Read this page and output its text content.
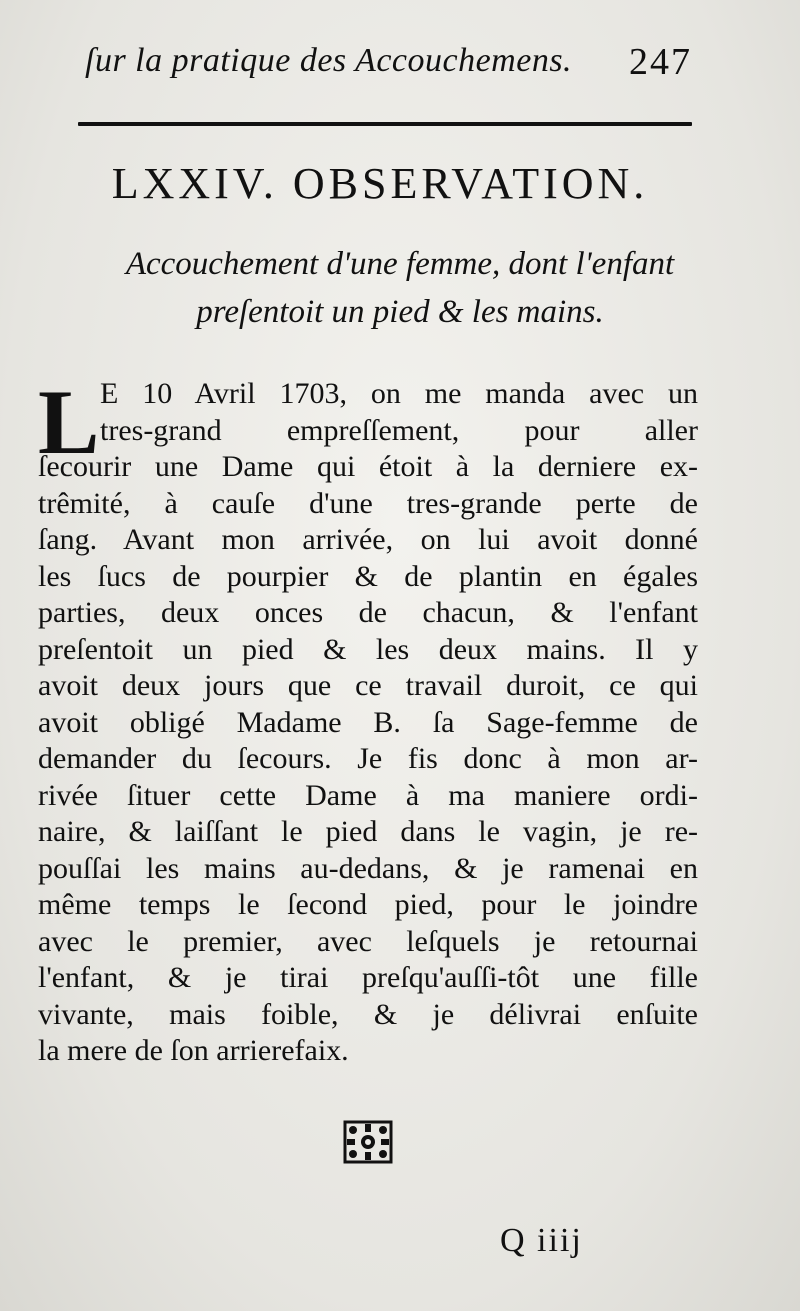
ſur la pratique des Accouchemens. 247
LXXIV. OBSERVATION.
Accouchement d'une femme, dont l'enfant
preſentoit un pied & les mains.
L E 10 Avril 1703, on me manda avec un
tres-grand empreſſement, pour aller
ſecourir une Dame qui étoit à la derniere ex-
trêmité, à cauſe d'une tres-grande perte de
ſang. Avant mon arrivée, on lui avoit donné
les ſucs de pourpier & de plantin en égales
parties, deux onces de chacun, & l'enfant
preſentoit un pied & les deux mains. Il y
avoit deux jours que ce travail duroit, ce qui
avoit obligé Madame B. ſa Sage-femme de
demander du ſecours. Je fis donc à mon ar-
rivée ſituer cette Dame à ma maniere ordi-
naire, & laiſſant le pied dans le vagin, je re-
pouſſai les mains au-dedans, & je ramenai en
même temps le ſecond pied, pour le joindre
avec le premier, avec leſquels je retournai
l'enfant, & je tirai preſqu'auſſi-tôt une fille
vivante, mais foible, & je délivrai enſuite
la mere de ſon arrierefaix.
Q iiij
